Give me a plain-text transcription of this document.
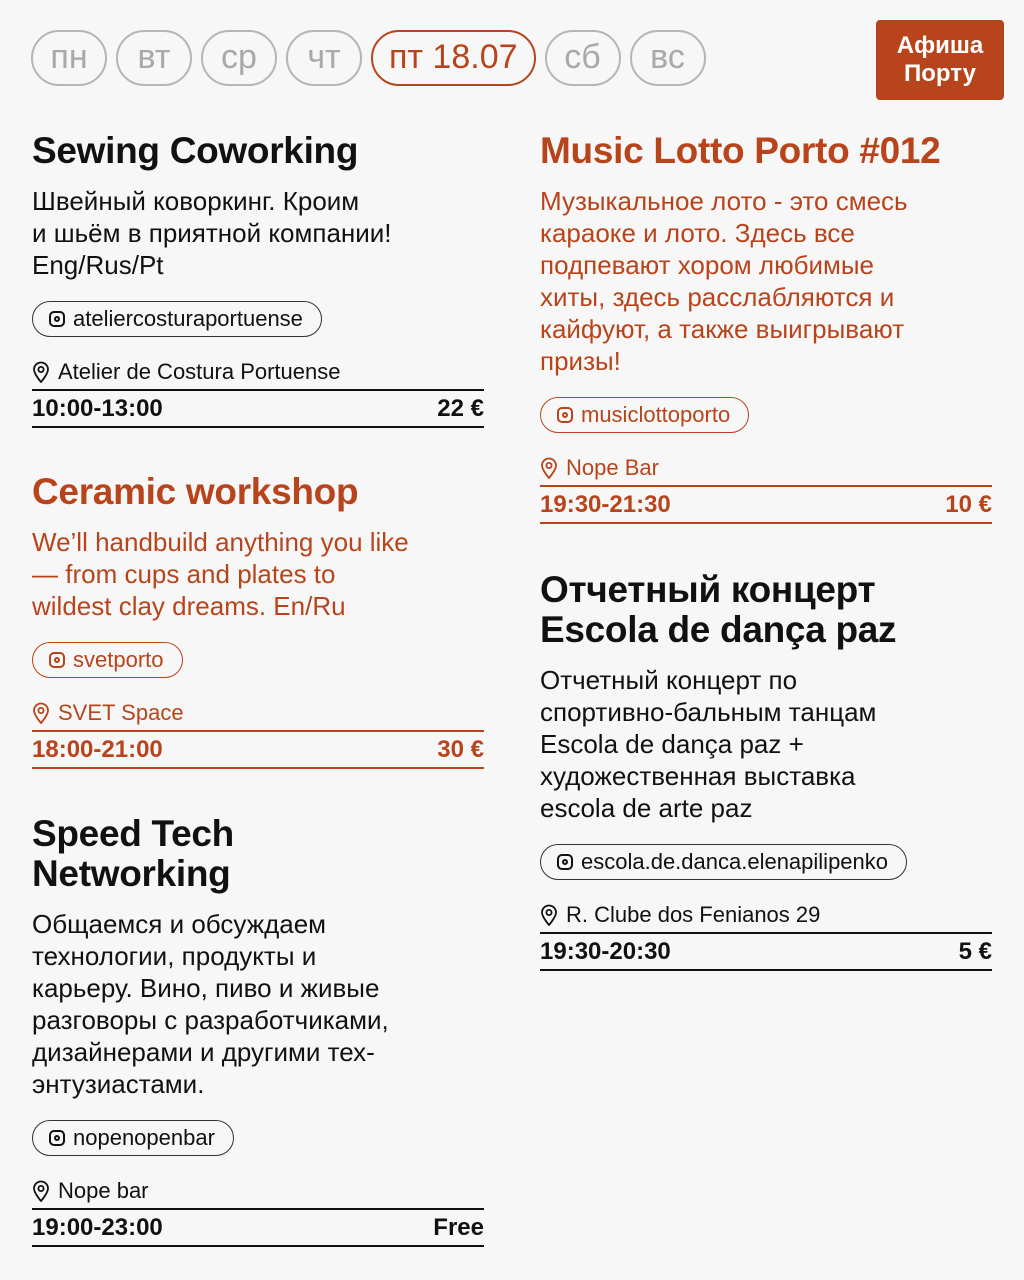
пн	вт	ср	чт	пт 18.07	сб	вс	Афиша
Порту
Sewing Coworking
Швейный коворкинг. Кроим
и шьём в приятной компании!
Eng/Rus/Pt
ateliercosturaportuense
Atelier de Costura Portuense
10:00-13:00	22 €
Ceramic workshop
We’ll handbuild anything you like
— from cups and plates to
wildest clay dreams. En/Ru
svetporto
SVET Space
18:00-21:00	30 €
Speed Tech
Networking
Общаемся и обсуждаем
технологии, продукты и
карьеру. Вино, пиво и живые
разговоры с разработчиками,
дизайнерами и другими тех-
энтузиастами.
nopenopenbar
Nope bar
19:00-23:00	Free
Music Lotto Porto #012
Музыкальное лото - это смесь
караоке и лото. Здесь все
подпевают хором любимые
хиты, здесь расслабляются и
кайфуют, а также выигрывают
призы!
musiclottoporto
Nope Bar
19:30-21:30	10 €
Отчетный концерт
Escola de dança paz
Отчетный концерт по
спортивно-бальным танцам
Escola de dança paz +
художественная выставка
escola de arte paz
escola.de.danca.elenapilipenko
R. Clube dos Fenianos 29
19:30-20:30	5 €
